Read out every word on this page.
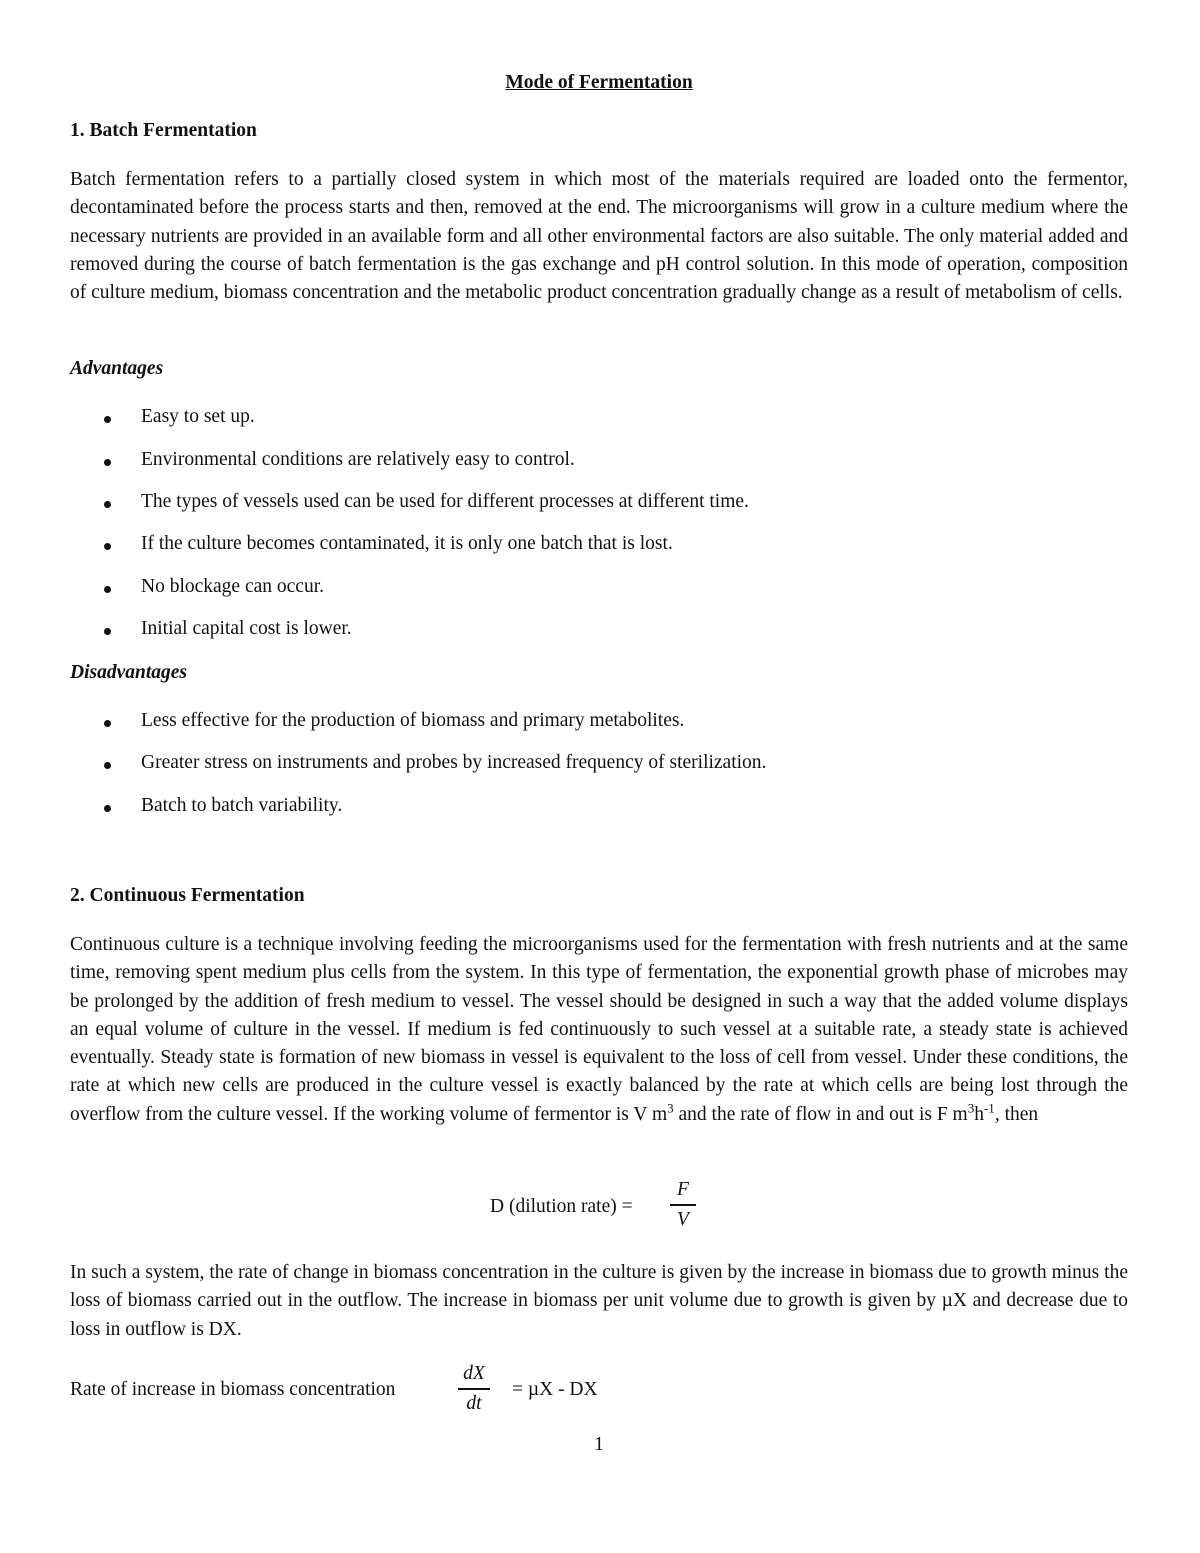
Mode of Fermentation
1. Batch Fermentation

Batch fermentation refers to a partially closed system in which most of the materials required are loaded onto the fermentor, decontaminated before the process starts and then, removed at the end. The microorganisms will grow in a culture medium where the necessary nutrients are provided in an available form and all other environmental factors are also suitable. The only material added and removed during the course of batch fermentation is the gas exchange and pH control solution. In this mode of operation, composition of culture medium, biomass concentration and the metabolic product concentration gradually change as a result of metabolism of cells.

Advantages
Easy to set up.
Environmental conditions are relatively easy to control.
The types of vessels used can be used for different processes at different time.
If the culture becomes contaminated, it is only one batch that is lost.
No blockage can occur.
Initial capital cost is lower.
Disadvantages
Less effective for the production of biomass and primary metabolites.
Greater stress on instruments and probes by increased frequency of sterilization.
Batch to batch variability.
2. Continuous Fermentation

Continuous culture is a technique involving feeding the microorganisms used for the fermentation with fresh nutrients and at the same time, removing spent medium plus cells from the system. In this type of fermentation, the exponential growth phase of microbes may be prolonged by the addition of fresh medium to vessel. The vessel should be designed in such a way that the added volume displays an equal volume of culture in the vessel. If medium is fed continuously to such vessel at a suitable rate, a steady state is achieved eventually. Steady state is formation of new biomass in vessel is equivalent to the loss of cell from vessel. Under these conditions, the rate at which new cells are produced in the culture vessel is exactly balanced by the rate at which cells are being lost through the overflow from the culture vessel. If the working volume of fermentor is V $m^3$ and the rate of flow in and out is F $m^3h^{-1}$, then

D (dilution rate) =
F
V

In such a system, the rate of change in biomass concentration in the culture is given by the increase in biomass due to growth minus the loss of biomass carried out in the outflow. The increase in biomass per unit volume due to growth is given by µX and decrease due to loss in outflow is DX.

Rate of increase in biomass concentration
dX
dt
= µX - DX
1
